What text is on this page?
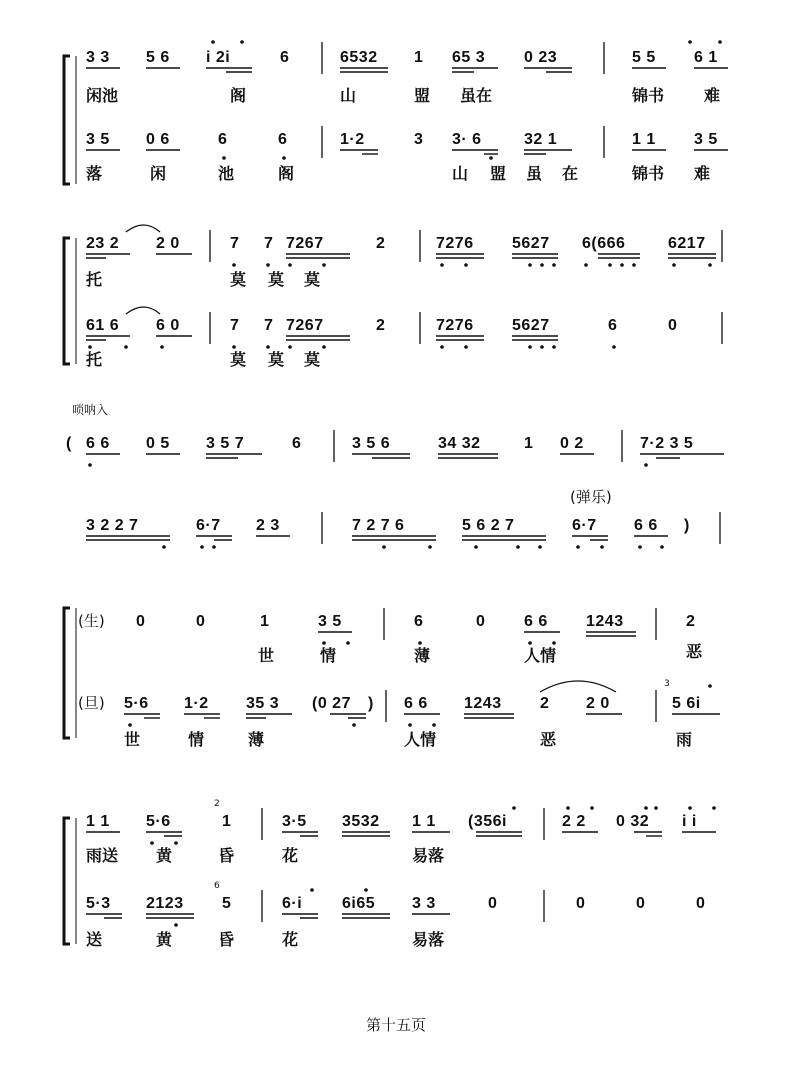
3 3 5 6 i 2i	6	6532 1 65 3 0 23	5 5 6 1
闲池	阁	山	盟 虽在	锦书 难
3 5 0 6	6	6	1·2	3 3· 6	32 1	1 1 3 5
落	闲	池	阁	山 盟 虽 在	锦书 难
23 2 2 0	7 7 7267	2	7276 5627 6(666	6217
托	莫 莫 莫
61 6 6 0	7 7 7267	2	7276 5627	6	0
托	莫 莫 莫
唢呐入
( 6 6 0 5 3 5 7	6	3 5 6	34 32	1 0 2	7·2 3 5
(弹乐)
3 2 2 7	6·7 2 3	7 2 7 6	5 6 2 7	6·7 6 6 )
(生) 0	0	1	3 5	6	0 6 6 1243	2
世	情	薄	人情	恶
(旦) 5·6 1·2 35 3 (0 27 ) 6 6 1243 2 2 0
3
5 6i
世	情	薄	人情	恶	雨
1 1 5·6
2
1	3·5 3532 1 1 (356i	2 2 0 32 i i
雨送 黄	昏	花	易落
5·3 2123
6
5	6·i 6i65 3 3	0	0	0	0
送	黄	昏	花	易落
第十五页
